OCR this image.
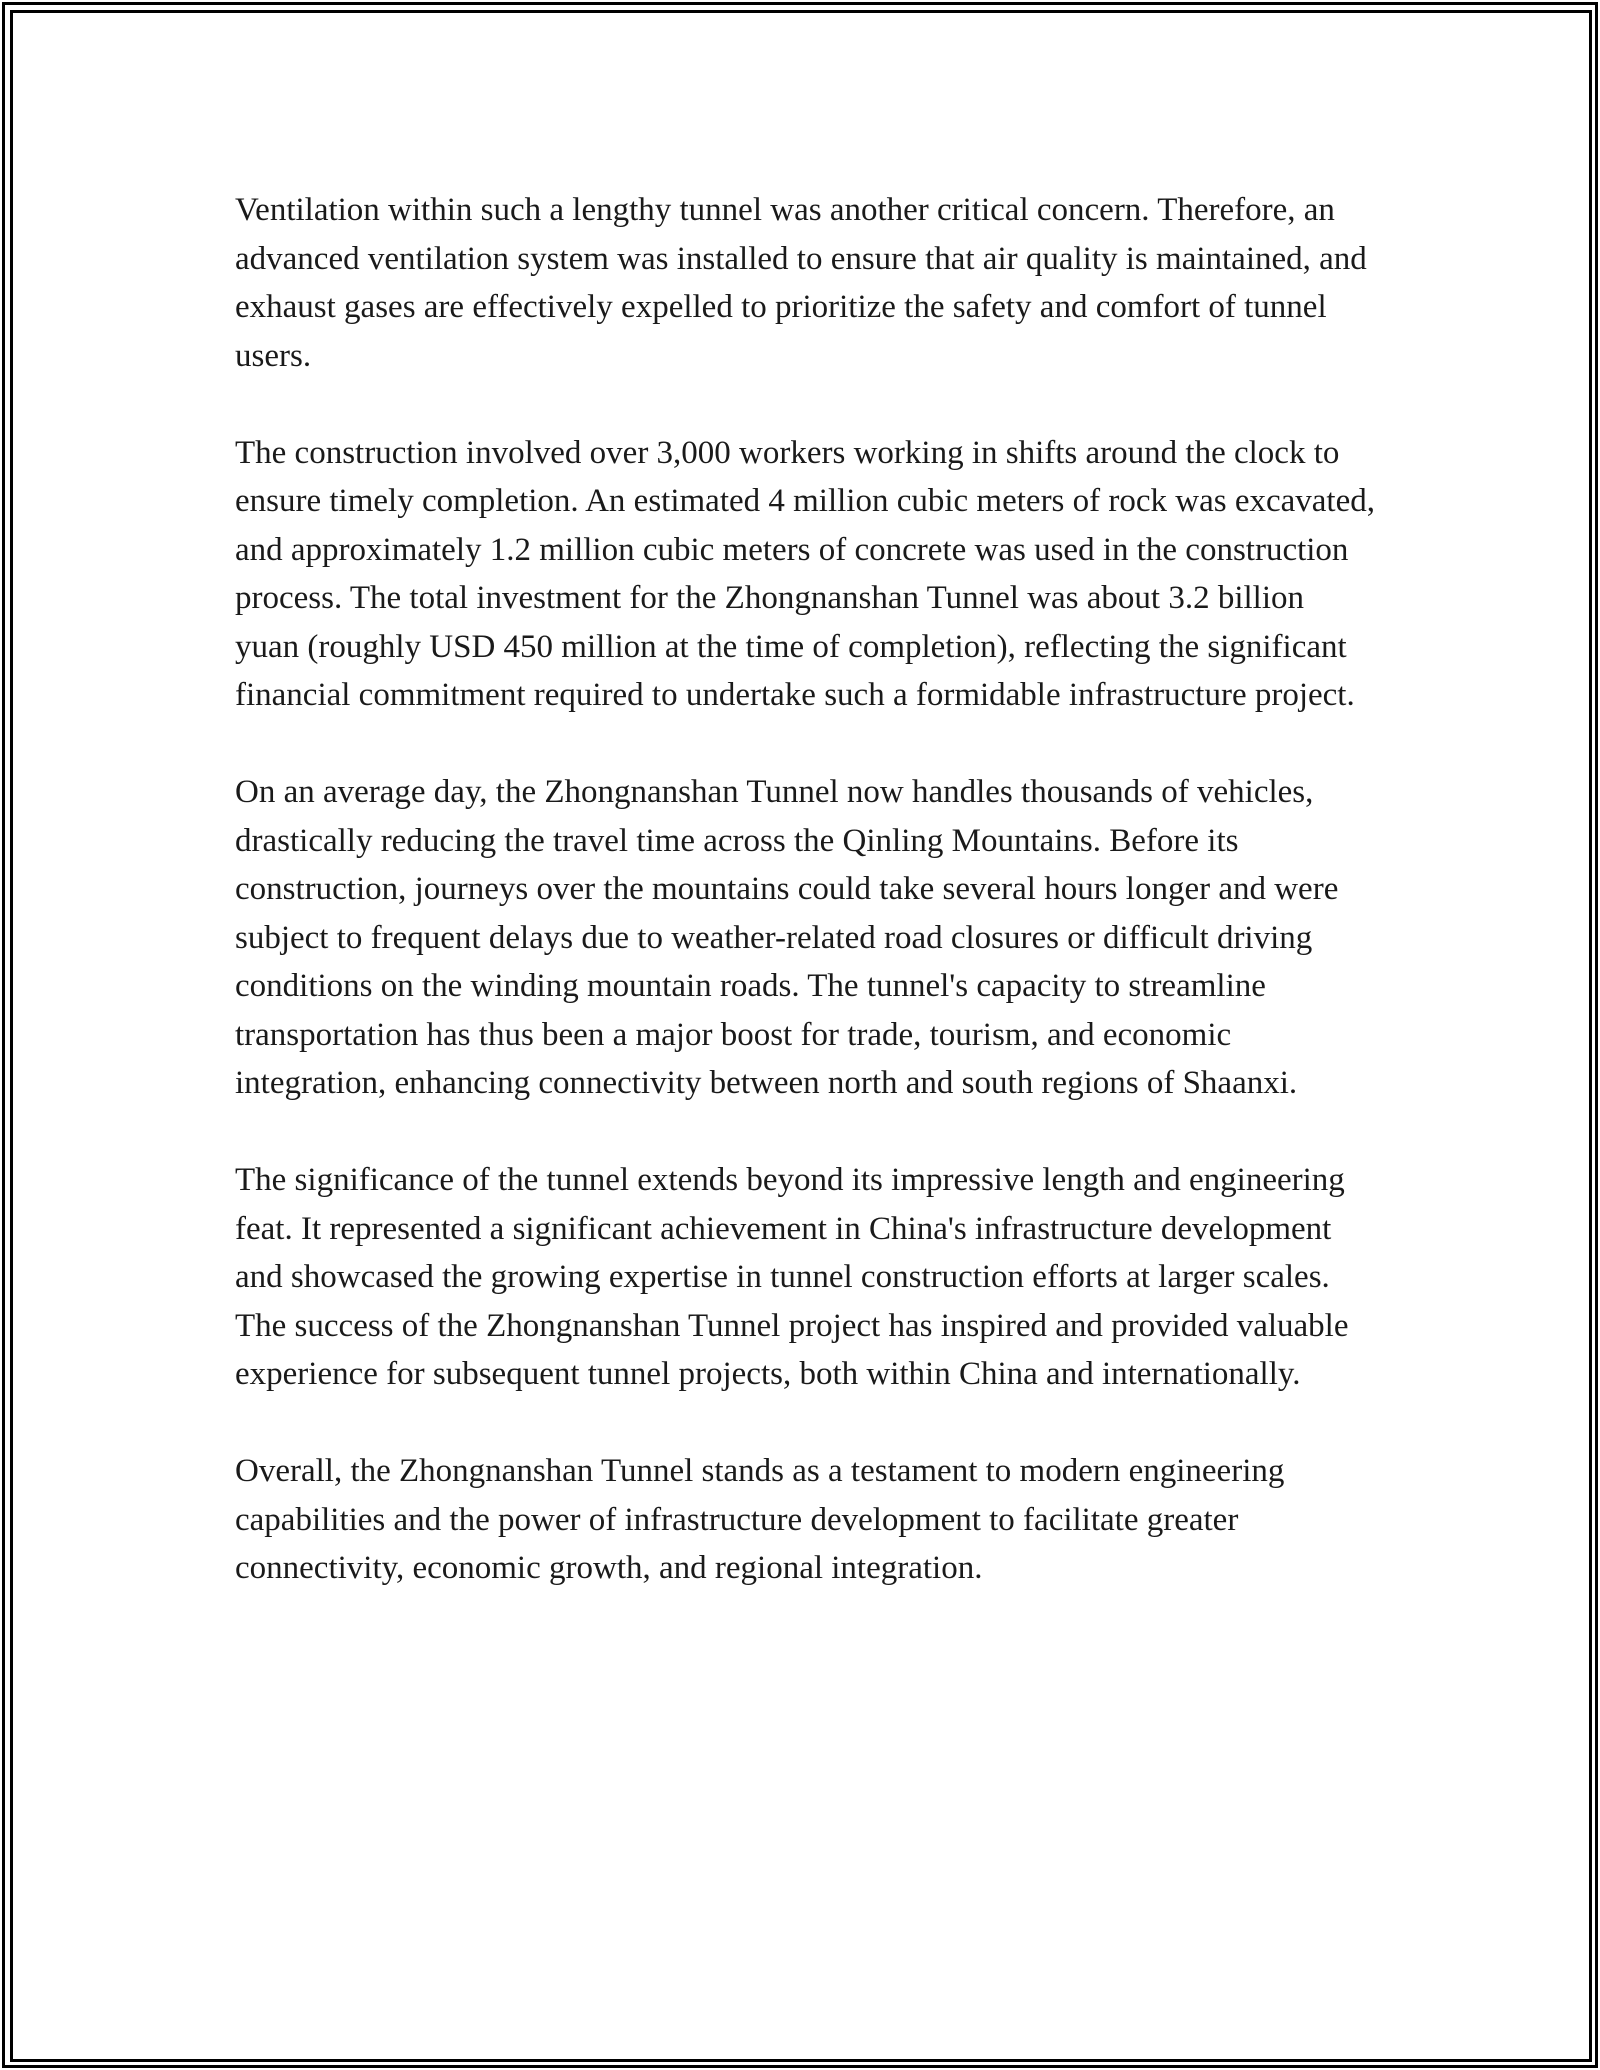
Ventilation within such a lengthy tunnel was another critical concern. Therefore, an advanced ventilation system was installed to ensure that air quality is maintained, and exhaust gases are effectively expelled to prioritize the safety and comfort of tunnel users.

The construction involved over 3,000 workers working in shifts around the clock to ensure timely completion. An estimated 4 million cubic meters of rock was excavated, and approximately 1.2 million cubic meters of concrete was used in the construction process. The total investment for the Zhongnanshan Tunnel was about 3.2 billion yuan (roughly USD 450 million at the time of completion), reflecting the significant financial commitment required to undertake such a formidable infrastructure project.

On an average day, the Zhongnanshan Tunnel now handles thousands of vehicles, drastically reducing the travel time across the Qinling Mountains. Before its construction, journeys over the mountains could take several hours longer and were subject to frequent delays due to weather-related road closures or difficult driving conditions on the winding mountain roads. The tunnel's capacity to streamline transportation has thus been a major boost for trade, tourism, and economic integration, enhancing connectivity between north and south regions of Shaanxi.

The significance of the tunnel extends beyond its impressive length and engineering feat. It represented a significant achievement in China's infrastructure development and showcased the growing expertise in tunnel construction efforts at larger scales. The success of the Zhongnanshan Tunnel project has inspired and provided valuable experience for subsequent tunnel projects, both within China and internationally.

Overall, the Zhongnanshan Tunnel stands as a testament to modern engineering capabilities and the power of infrastructure development to facilitate greater connectivity, economic growth, and regional integration.
